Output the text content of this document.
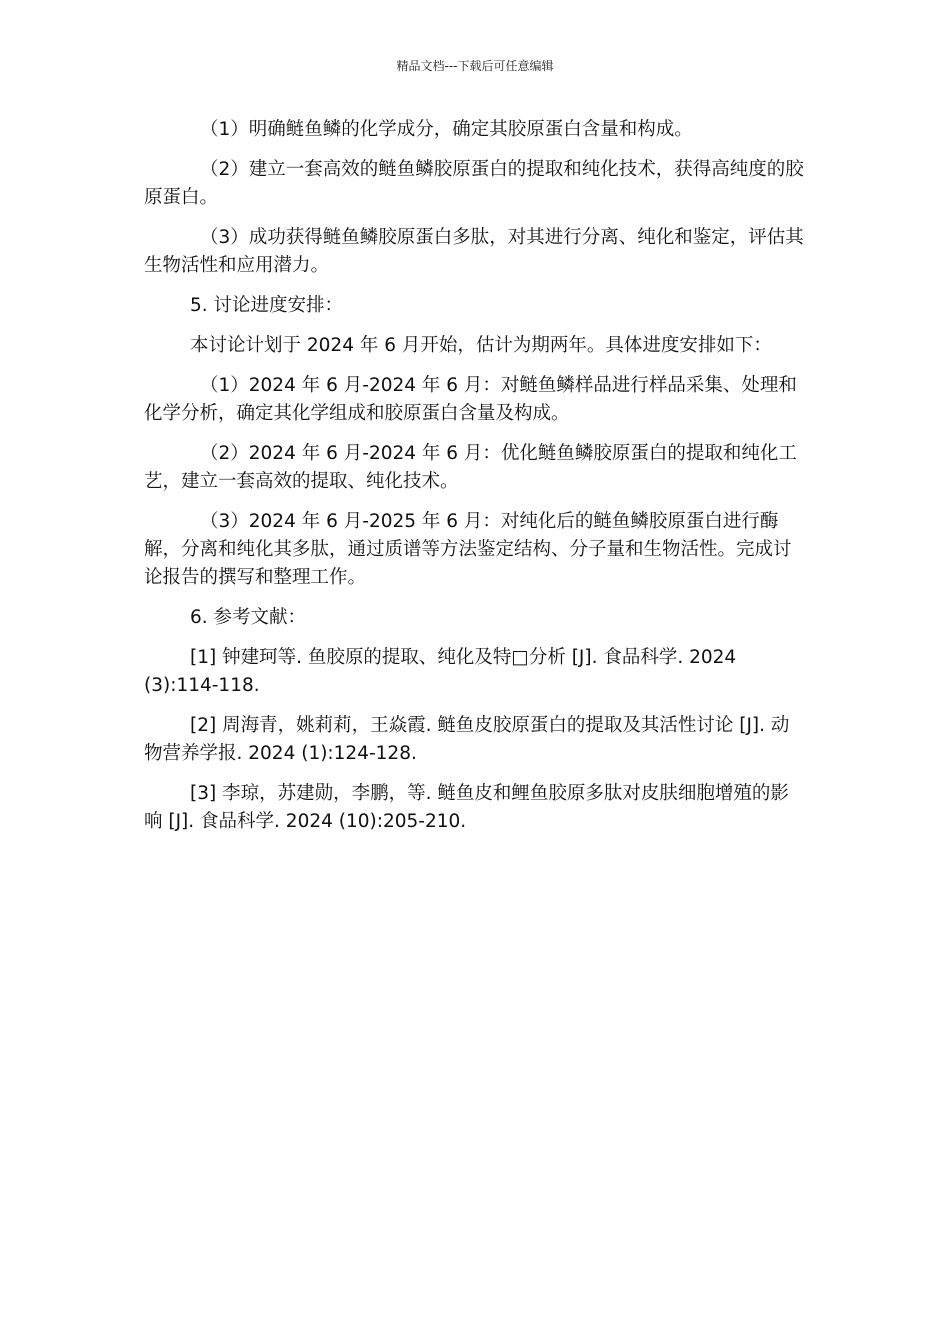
精品文档---下载后可任意编辑

（1）明确鲢鱼鳞的化学成分，确定其胶原蛋白含量和构成。

（2）建立一套高效的鲢鱼鳞胶原蛋白的提取和纯化技术，获得高纯度的胶原蛋白。

（3）成功获得鲢鱼鳞胶原蛋白多肽，对其进行分离、纯化和鉴定，评估其生物活性和应用潜力。

5. 讨论进度安排：

本讨论计划于 2024 年 6 月开始，估计为期两年。具体进度安排如下：

（1）2024 年 6 月-2024 年 6 月：对鲢鱼鳞样品进行样品采集、处理和化学分析，确定其化学组成和胶原蛋白含量及构成。

（2）2024 年 6 月-2024 年 6 月：优化鲢鱼鳞胶原蛋白的提取和纯化工艺，建立一套高效的提取、纯化技术。

（3）2024 年 6 月-2025 年 6 月：对纯化后的鲢鱼鳞胶原蛋白进行酶解，分离和纯化其多肽，通过质谱等方法鉴定结构、分子量和生物活性。完成讨论报告的撰写和整理工作。

6. 参考文献：

[1] 钟建珂等. 鱼胶原的提取、纯化及特□分析 [J]. 食品科学. 2024 (3):114-118.

[2] 周海青，姚莉莉，王焱霞. 鲢鱼皮胶原蛋白的提取及其活性讨论 [J]. 动物营养学报. 2024 (1):124-128.

[3] 李琼，苏建勋，李鹏，等. 鲢鱼皮和鲤鱼胶原多肽对皮肤细胞增殖的影响 [J]. 食品科学. 2024 (10):205-210.
